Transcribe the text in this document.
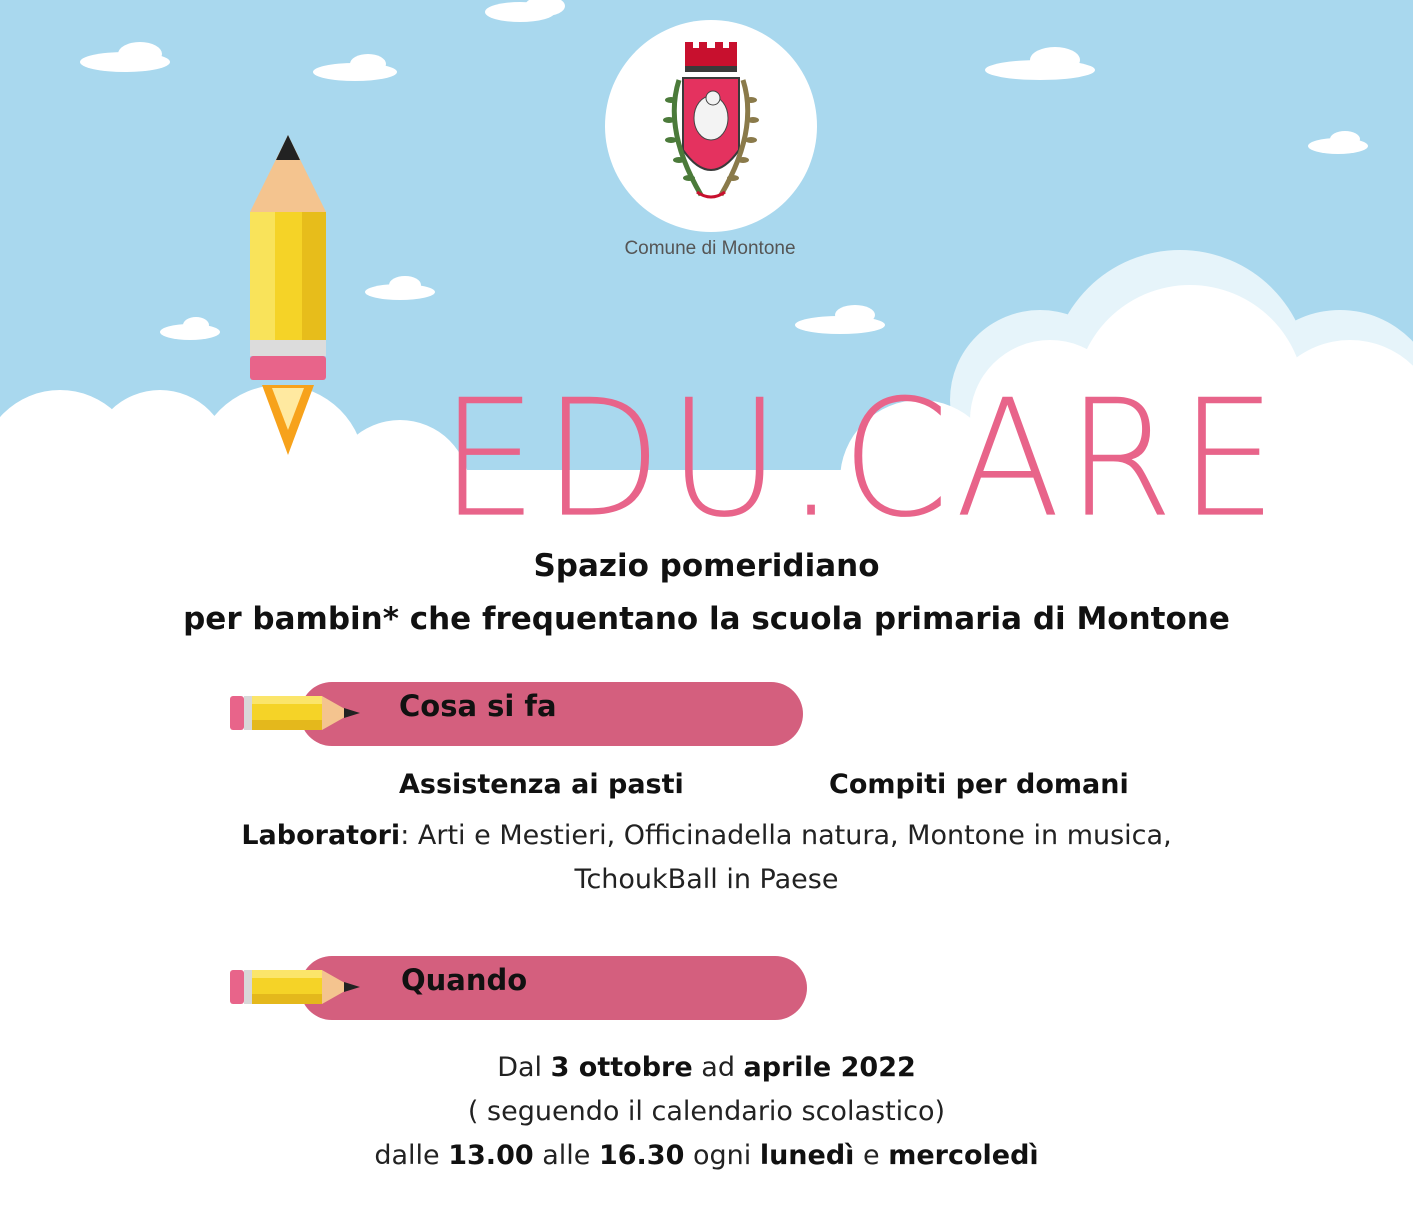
Comune di Montone
EDU.CARE
Spazio pomeridiano
per bambin* che frequentano la scuola primaria di Montone
Cosa si fa
Assistenza ai pasti	Compiti per domani
Laboratori: Arti e Mestieri, Officinadella natura, Montone in musica,
TchoukBall in Paese
Quando
Dal 3 ottobre ad aprile 2022
( seguendo il calendario scolastico)
dalle 13.00 alle 16.30 ogni lunedì e mercoledì
